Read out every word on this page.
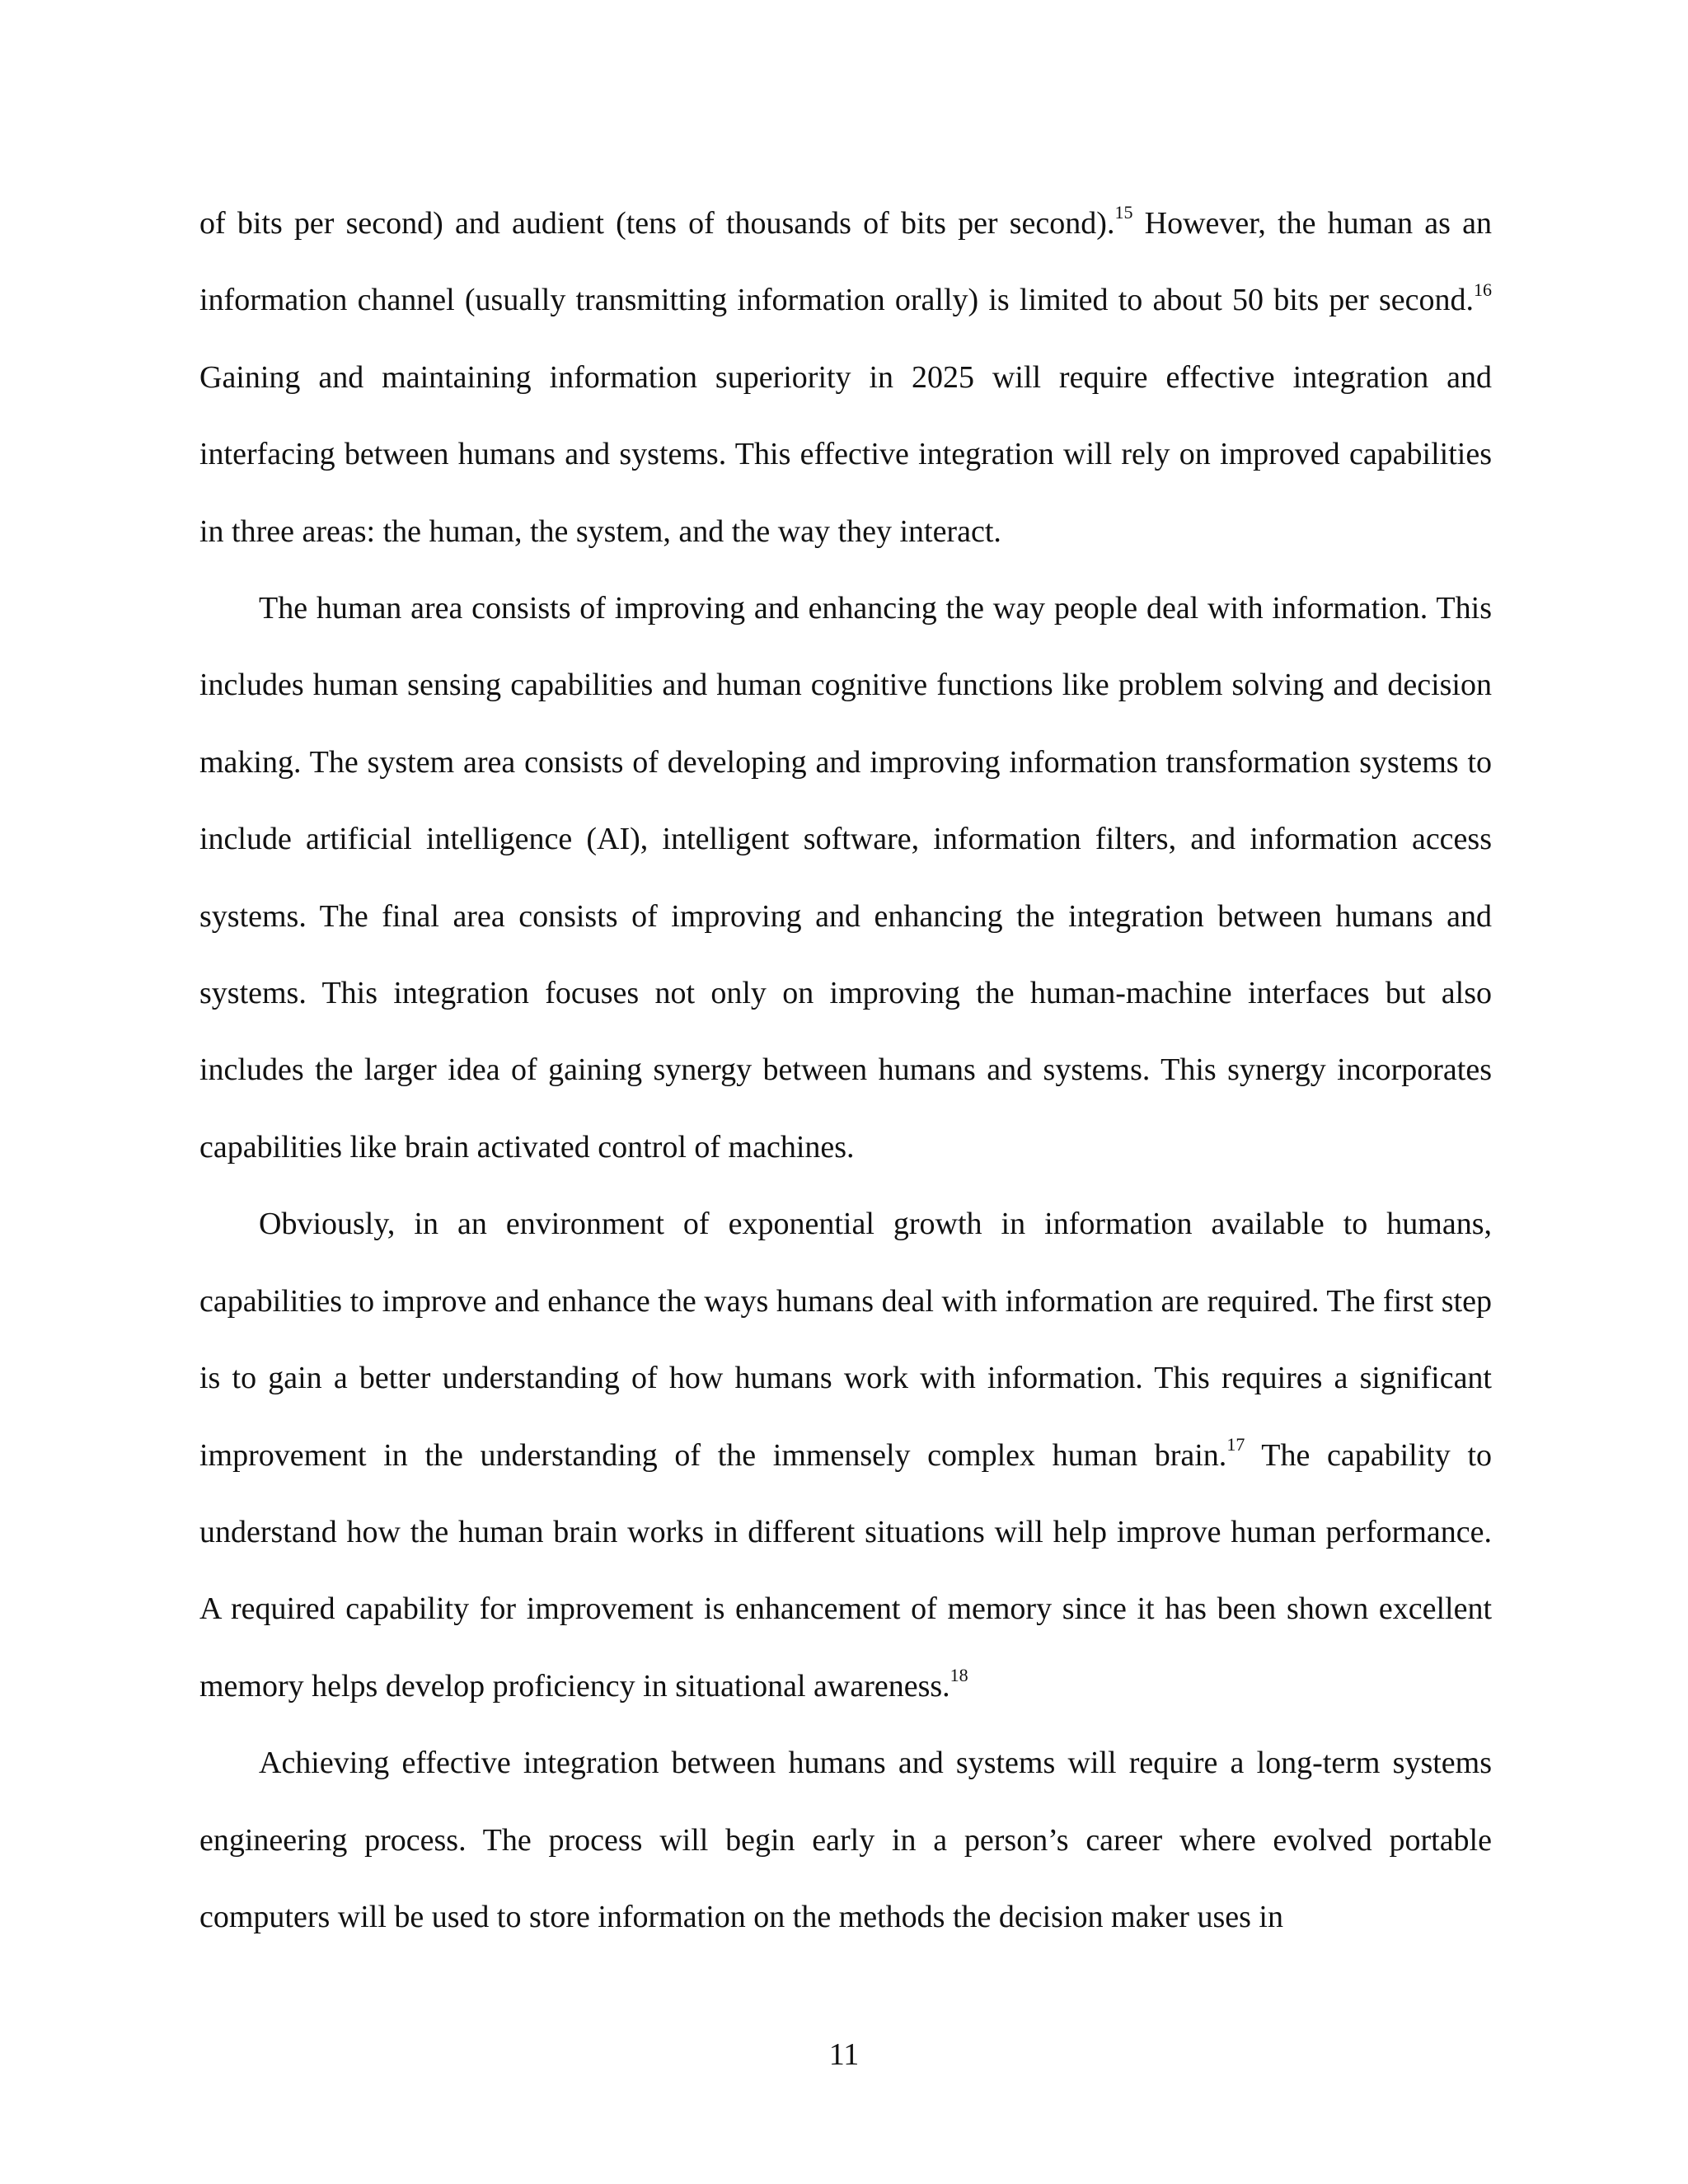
of bits per second) and audient (tens of thousands of bits per second).$^{15}$ However, the human as an information channel (usually transmitting information orally) is limited to about 50 bits per second.$^{16}$ Gaining and maintaining information superiority in 2025 will require effective integration and interfacing between humans and systems. This effective integration will rely on improved capabilities in three areas: the human, the system, and the way they interact.

The human area consists of improving and enhancing the way people deal with information. This includes human sensing capabilities and human cognitive functions like problem solving and decision making. The system area consists of developing and improving information transformation systems to include artificial intelligence (AI), intelligent software, information filters, and information access systems. The final area consists of improving and enhancing the integration between humans and systems. This integration focuses not only on improving the human-machine interfaces but also includes the larger idea of gaining synergy between humans and systems. This synergy incorporates capabilities like brain activated control of machines.

Obviously, in an environment of exponential growth in information available to humans, capabilities to improve and enhance the ways humans deal with information are required. The first step is to gain a better understanding of how humans work with information. This requires a significant improvement in the understanding of the immensely complex human brain.$^{17}$ The capability to understand how the human brain works in different situations will help improve human performance. A required capability for improvement is enhancement of memory since it has been shown excellent memory helps develop proficiency in situational awareness.$^{18}$

Achieving effective integration between humans and systems will require a long-term systems engineering process. The process will begin early in a person’s career where evolved portable computers will be used to store information on the methods the decision maker uses in

11
